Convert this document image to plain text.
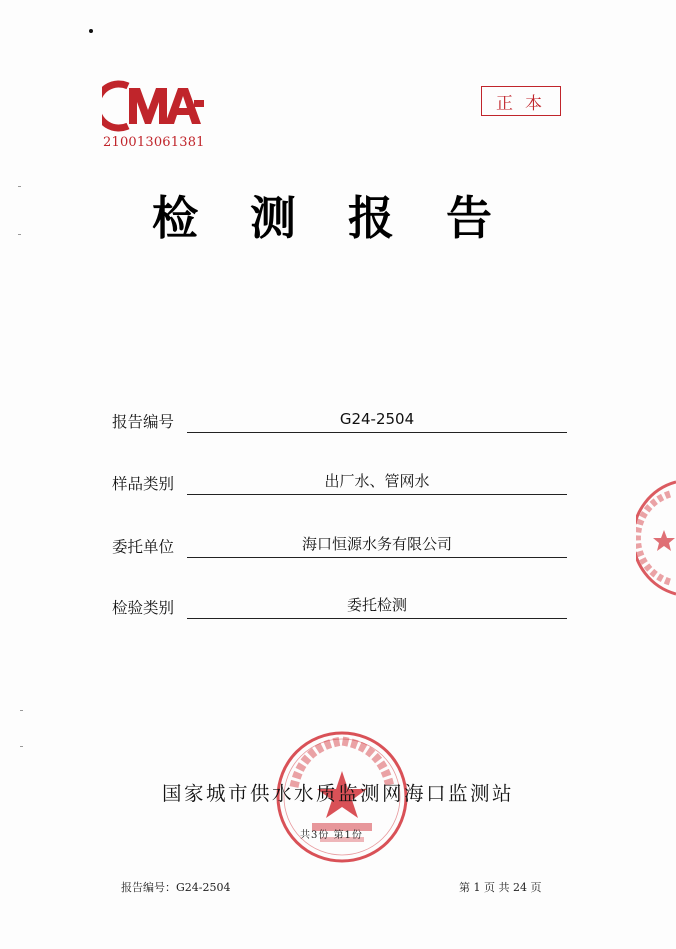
210013061381
正本
检测报告
报告编号	G24-2504
样品类别	出厂水、管网水
委托单位	海口恒源水务有限公司
检验类别	委托检测
国家城市供水水质监测网海口监测站
共3份 第1份
报告编号：G24-2504	第 1 页 共 24 页
